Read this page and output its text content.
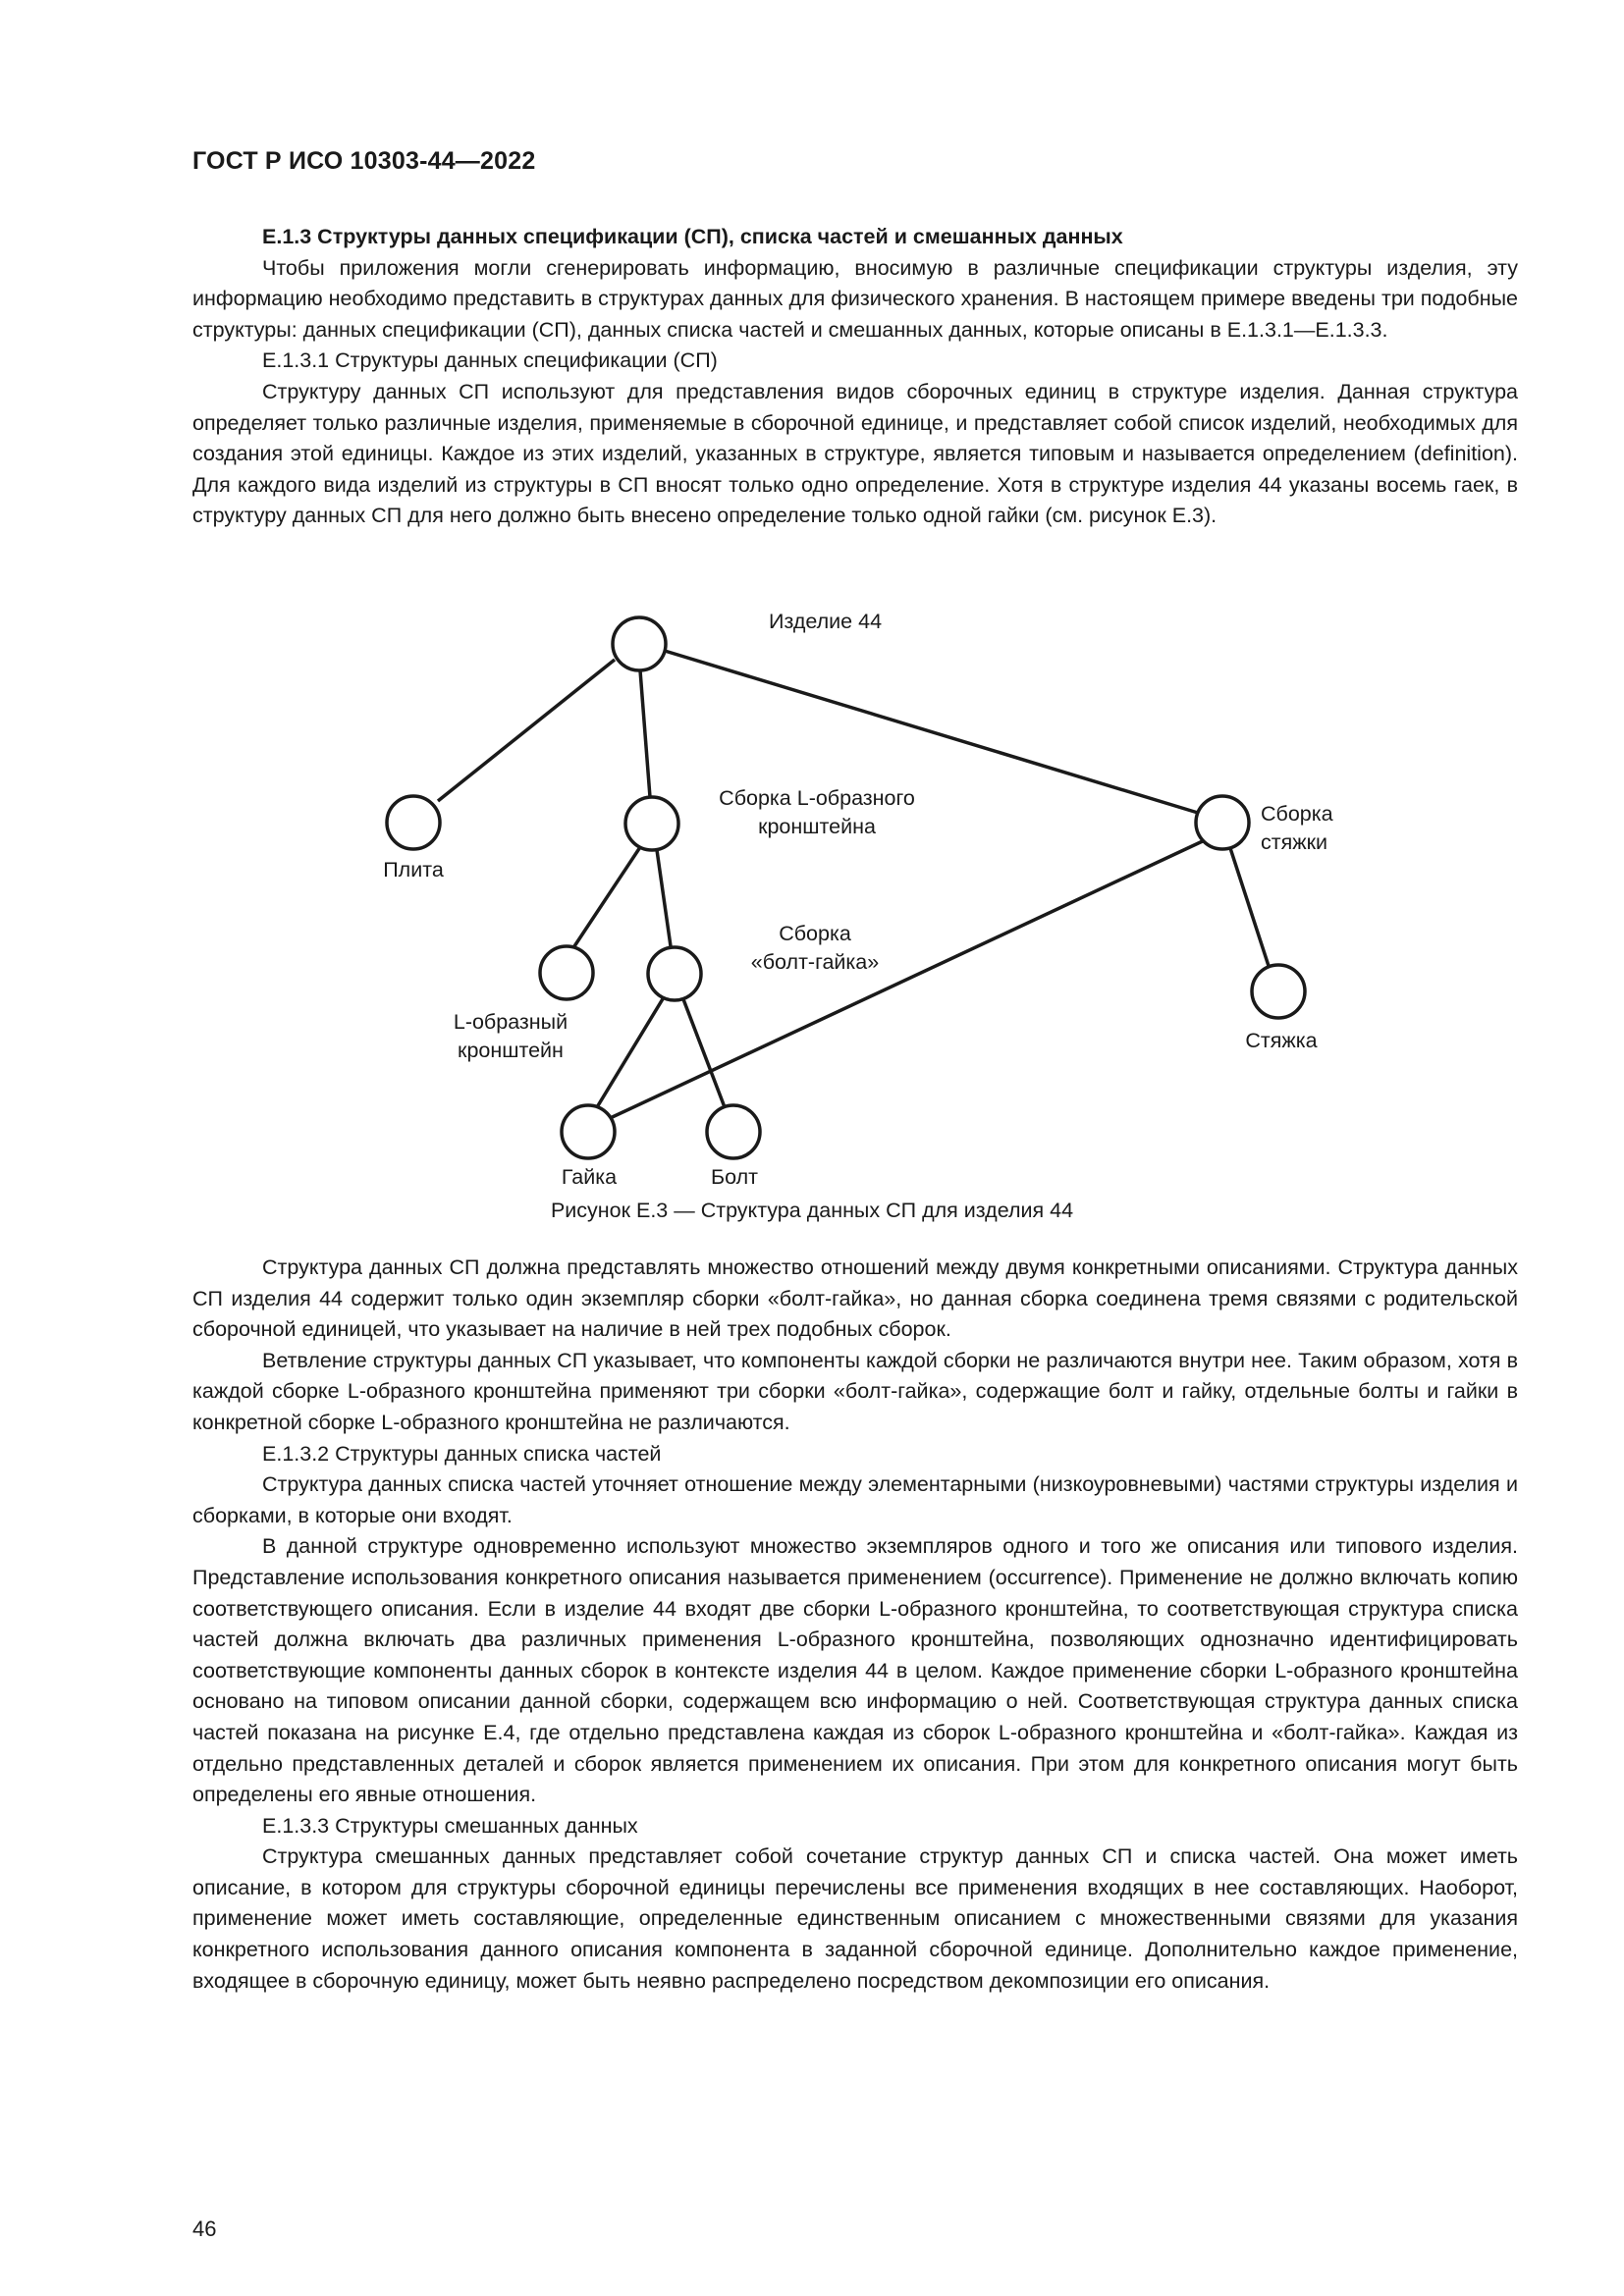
ГОСТ Р ИСО 10303-44—2022

Е.1.3 Структуры данных спецификации (СП), списка частей и смешанных данных

Чтобы приложения могли сгенерировать информацию, вносимую в различные спецификации структуры изделия, эту информацию необходимо представить в структурах данных для физического хранения. В настоящем примере введены три подобные структуры: данных спецификации (СП), данных списка частей и смешанных данных, которые описаны в Е.1.3.1—Е.1.3.3.

Е.1.3.1 Структуры данных спецификации (СП)

Структуру данных СП используют для представления видов сборочных единиц в структуре изделия. Данная структура определяет только различные изделия, применяемые в сборочной единице, и представляет собой список изделий, необходимых для создания этой единицы. Каждое из этих изделий, указанных в структуре, является типовым и называется определением (definition). Для каждого вида изделий из структуры в СП вносят только одно определение. Хотя в структуре изделия 44 указаны восемь гаек, в структуру данных СП для него должно быть внесено определение только одной гайки (см. рисунок Е.3).

Изделие 44
Плита
Сборка L-образного
кронштейна
Сборка
стяжки
Сборка
«болт-гайка»
L-образный
кронштейн	Стяжка
Гайка	Болт
Рисунок Е.3 — Структура данных СП для изделия 44

Структура данных СП должна представлять множество отношений между двумя конкретными описаниями. Структура данных СП изделия 44 содержит только один экземпляр сборки «болт-гайка», но данная сборка соединена тремя связями с родительской сборочной единицей, что указывает на наличие в ней трех подобных сборок.

Ветвление структуры данных СП указывает, что компоненты каждой сборки не различаются внутри нее. Таким образом, хотя в каждой сборке L-образного кронштейна применяют три сборки «болт-гайка», содержащие болт и гайку, отдельные болты и гайки в конкретной сборке L-образного кронштейна не различаются.

Е.1.3.2 Структуры данных списка частей

Структура данных списка частей уточняет отношение между элементарными (низкоуровневыми) частями структуры изделия и сборками, в которые они входят.

В данной структуре одновременно используют множество экземпляров одного и того же описания или типового изделия. Представление использования конкретного описания называется применением (occurrence). Применение не должно включать копию соответствующего описания. Если в изделие 44 входят две сборки L-образного кронштейна, то соответствующая структура списка частей должна включать два различных применения L-образного кронштейна, позволяющих однозначно идентифицировать соответствующие компоненты данных сборок в контексте изделия 44 в целом. Каждое применение сборки L-образного кронштейна основано на типовом описании данной сборки, содержащем всю информацию о ней. Соответствующая структура данных списка частей показана на рисунке Е.4, где отдельно представлена каждая из сборок L-образного кронштейна и «болт-гайка». Каждая из отдельно представленных деталей и сборок является применением их описания. При этом для конкретного описания могут быть определены его явные отношения.

Е.1.3.3 Структуры смешанных данных

Структура смешанных данных представляет собой сочетание структур данных СП и списка частей. Она может иметь описание, в котором для структуры сборочной единицы перечислены все применения входящих в нее составляющих. Наоборот, применение может иметь составляющие, определенные единственным описанием с множественными связями для указания конкретного использования данного описания компонента в заданной сборочной единице. Дополнительно каждое применение, входящее в сборочную единицу, может быть неявно распределено посредством декомпозиции его описания.

46
